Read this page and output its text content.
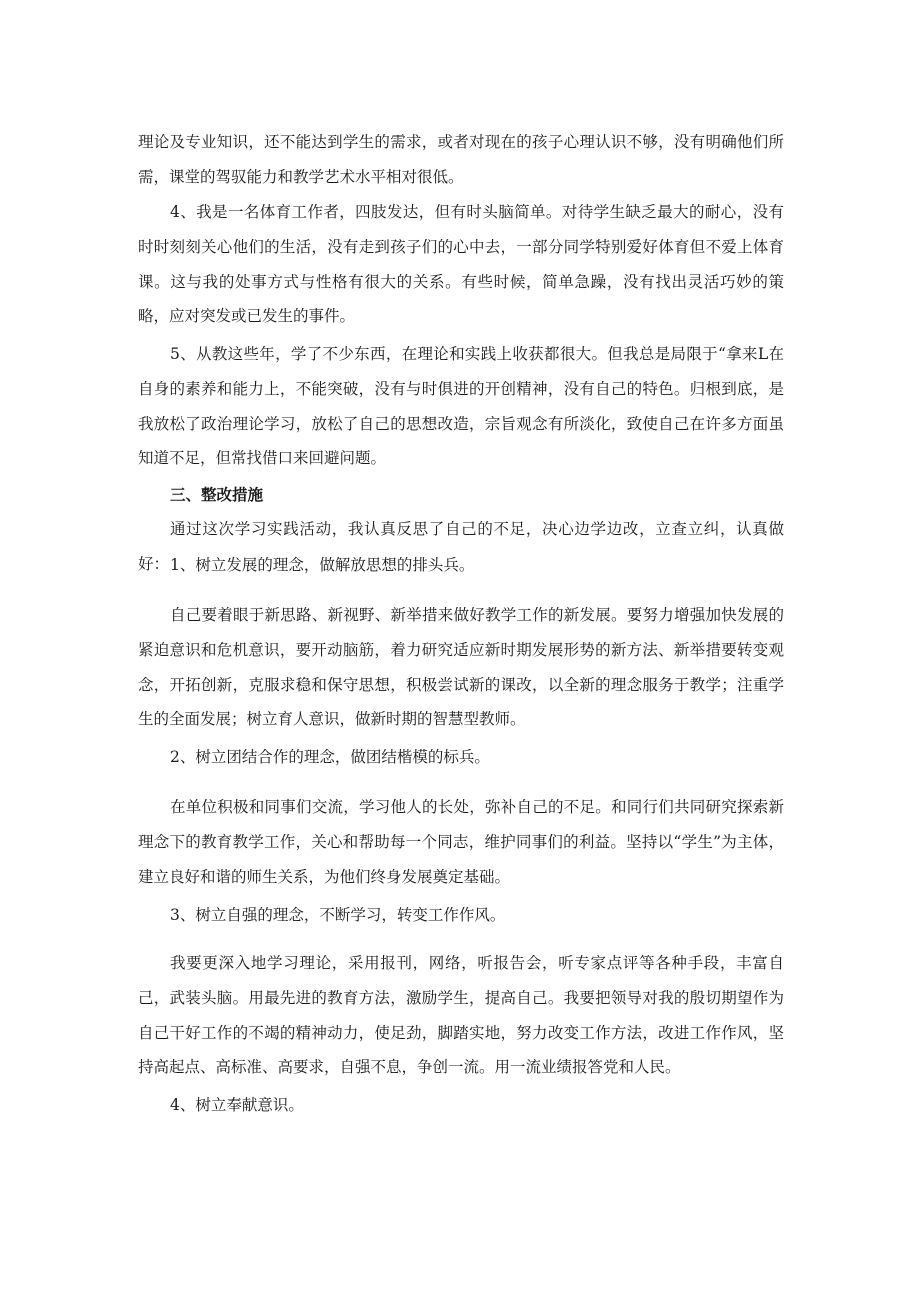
理论及专业知识，还不能达到学生的需求，或者对现在的孩子心理认识不够，没有明确他们所需，课堂的驾驭能力和教学艺术水平相对很低。

4、我是一名体育工作者，四肢发达，但有时头脑简单。对待学生缺乏最大的耐心，没有时时刻刻关心他们的生活，没有走到孩子们的心中去，一部分同学特别爱好体育但不爱上体育课。这与我的处事方式与性格有很大的关系。有些时候，简单急躁，没有找出灵活巧妙的策略，应对突发或已发生的事件。

5、从教这些年，学了不少东西，在理论和实践上收获都很大。但我总是局限于“拿来L在自身的素养和能力上，不能突破，没有与时俱进的开创精神，没有自己的特色。归根到底，是我放松了政治理论学习，放松了自己的思想改造，宗旨观念有所淡化，致使自己在许多方面虽知道不足，但常找借口来回避问题。

三、整改措施

通过这次学习实践活动，我认真反思了自己的不足，决心边学边改，立查立纠，认真做好： 1、树立发展的理念，做解放思想的排头兵。

自己要着眼于新思路、新视野、新举措来做好教学工作的新发展。要努力增强加快发展的紧迫意识和危机意识，要开动脑筋，着力研究适应新时期发展形势的新方法、新举措要转变观念，开拓创新，克服求稳和保守思想，积极尝试新的课改，以全新的理念服务于教学；注重学生的全面发展；树立育人意识，做新时期的智慧型教师。

2、树立团结合作的理念，做团结楷模的标兵。

在单位积极和同事们交流，学习他人的长处，弥补自己的不足。和同行们共同研究探索新理念下的教育教学工作，关心和帮助每一个同志，维护同事们的利益。坚持以“学生”为主体，建立良好和谐的师生关系，为他们终身发展奠定基础。

3、树立自强的理念，不断学习，转变工作作风。

我要更深入地学习理论，采用报刊，网络，听报告会，听专家点评等各种手段，丰富自己，武装头脑。用最先进的教育方法，激励学生，提高自己。我要把领导对我的殷切期望作为自己干好工作的不竭的精神动力，使足劲，脚踏实地，努力改变工作方法，改进工作作风，坚持高起点、高标准、高要求，自强不息，争创一流。用一流业绩报答党和人民。

4、树立奉献意识。
